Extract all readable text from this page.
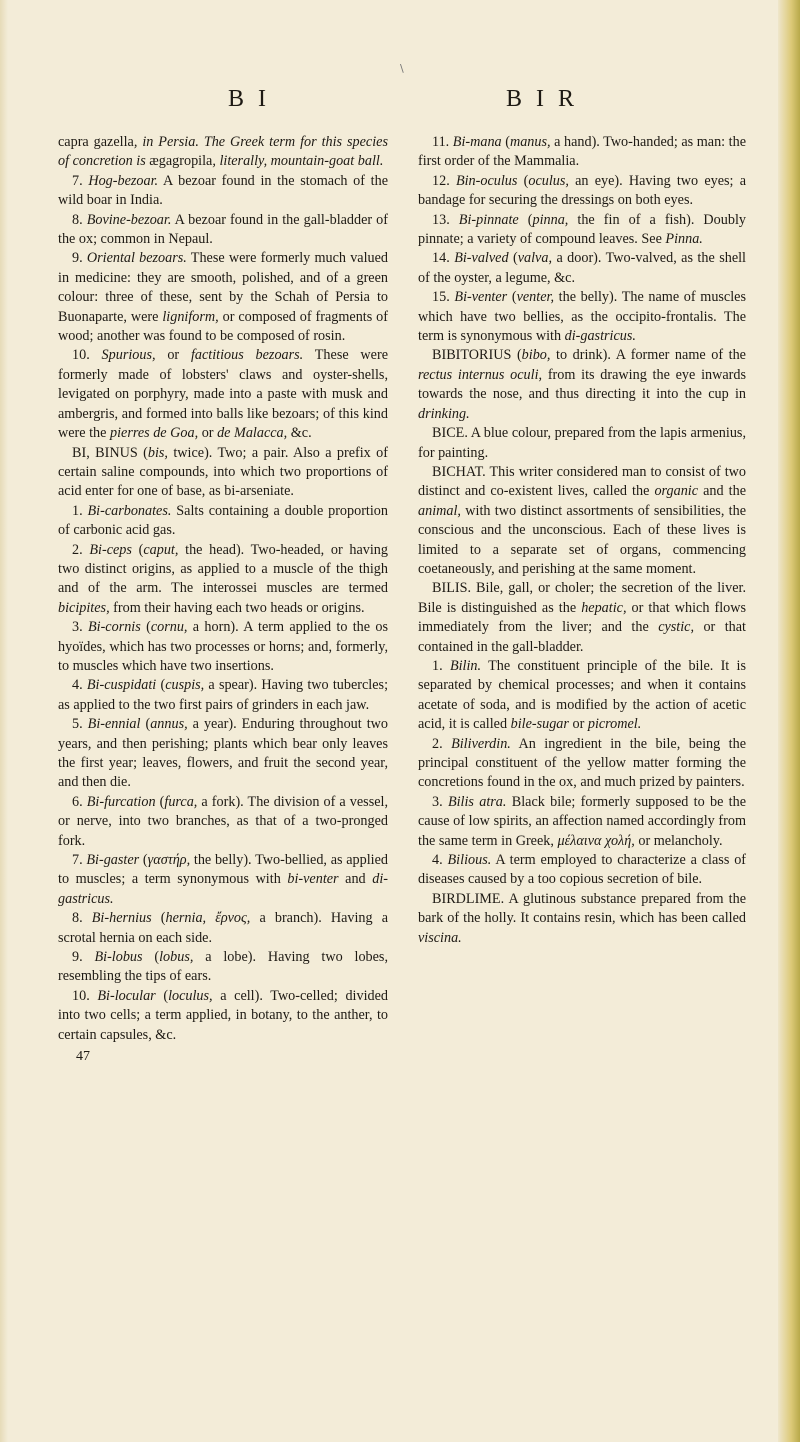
\
B I	B I R

capra gazella, in Persia. The Greek term for this species of concretion is ægagropila, literally, mountain-goat ball.

7. Hog-bezoar. A bezoar found in the stomach of the wild boar in India.

8. Bovine-bezoar. A bezoar found in the gall-bladder of the ox; common in Nepaul.

9. Oriental bezoars. These were formerly much valued in medicine: they are smooth, polished, and of a green colour: three of these, sent by the Schah of Persia to Buonaparte, were ligniform, or composed of fragments of wood; another was found to be composed of rosin.

10. Spurious, or factitious bezoars. These were formerly made of lobsters' claws and oyster-shells, levigated on porphyry, made into a paste with musk and ambergris, and formed into balls like bezoars; of this kind were the pierres de Goa, or de Malacca, &c.

BI, BINUS (bis, twice). Two; a pair. Also a prefix of certain saline compounds, into which two proportions of acid enter for one of base, as bi-arseniate.

1. Bi-carbonates. Salts containing a double proportion of carbonic acid gas.

2. Bi-ceps (caput, the head). Two-headed, or having two distinct origins, as applied to a muscle of the thigh and of the arm. The interossei muscles are termed bicipites, from their having each two heads or origins.

3. Bi-cornis (cornu, a horn). A term applied to the os hyoïdes, which has two processes or horns; and, formerly, to muscles which have two insertions.

4. Bi-cuspidati (cuspis, a spear). Having two tubercles; as applied to the two first pairs of grinders in each jaw.

5. Bi-ennial (annus, a year). Enduring throughout two years, and then perishing; plants which bear only leaves the first year; leaves, flowers, and fruit the second year, and then die.

6. Bi-furcation (furca, a fork). The division of a vessel, or nerve, into two branches, as that of a two-pronged fork.

7. Bi-gaster (γαστήρ, the belly). Two-bellied, as applied to muscles; a term synonymous with bi-venter and di-gastricus.

8. Bi-hernius (hernia, ἔρνος, a branch). Having a scrotal hernia on each side.

9. Bi-lobus (lobus, a lobe). Having two lobes, resembling the tips of ears.

10. Bi-locular (loculus, a cell). Two-celled; divided into two cells; a term applied, in botany, to the anther, to certain capsules, &c.

47

11. Bi-mana (manus, a hand). Two-handed; as man: the first order of the Mammalia.

12. Bin-oculus (oculus, an eye). Having two eyes; a bandage for securing the dressings on both eyes.

13. Bi-pinnate (pinna, the fin of a fish). Doubly pinnate; a variety of compound leaves. See Pinna.

14. Bi-valved (valva, a door). Two-valved, as the shell of the oyster, a legume, &c.

15. Bi-venter (venter, the belly). The name of muscles which have two bellies, as the occipito-frontalis. The term is synonymous with di-gastricus.

BIBITORIUS (bibo, to drink). A former name of the rectus internus oculi, from its drawing the eye inwards towards the nose, and thus directing it into the cup in drinking.

BICE. A blue colour, prepared from the lapis armenius, for painting.

BICHAT. This writer considered man to consist of two distinct and co-existent lives, called the organic and the animal, with two distinct assortments of sensibilities, the conscious and the unconscious. Each of these lives is limited to a separate set of organs, commencing coetaneously, and perishing at the same moment.

BILIS. Bile, gall, or choler; the secretion of the liver. Bile is distinguished as the hepatic, or that which flows immediately from the liver; and the cystic, or that contained in the gall-bladder.

1. Bilin. The constituent principle of the bile. It is separated by chemical processes; and when it contains acetate of soda, and is modified by the action of acetic acid, it is called bile-sugar or picromel.

2. Biliverdin. An ingredient in the bile, being the principal constituent of the yellow matter forming the concretions found in the ox, and much prized by painters.

3. Bilis atra. Black bile; formerly supposed to be the cause of low spirits, an affection named accordingly from the same term in Greek, μέλαινα χολή, or melancholy.

4. Bilious. A term employed to characterize a class of diseases caused by a too copious secretion of bile.

BIRDLIME. A glutinous substance prepared from the bark of the holly. It contains resin, which has been called viscina.
